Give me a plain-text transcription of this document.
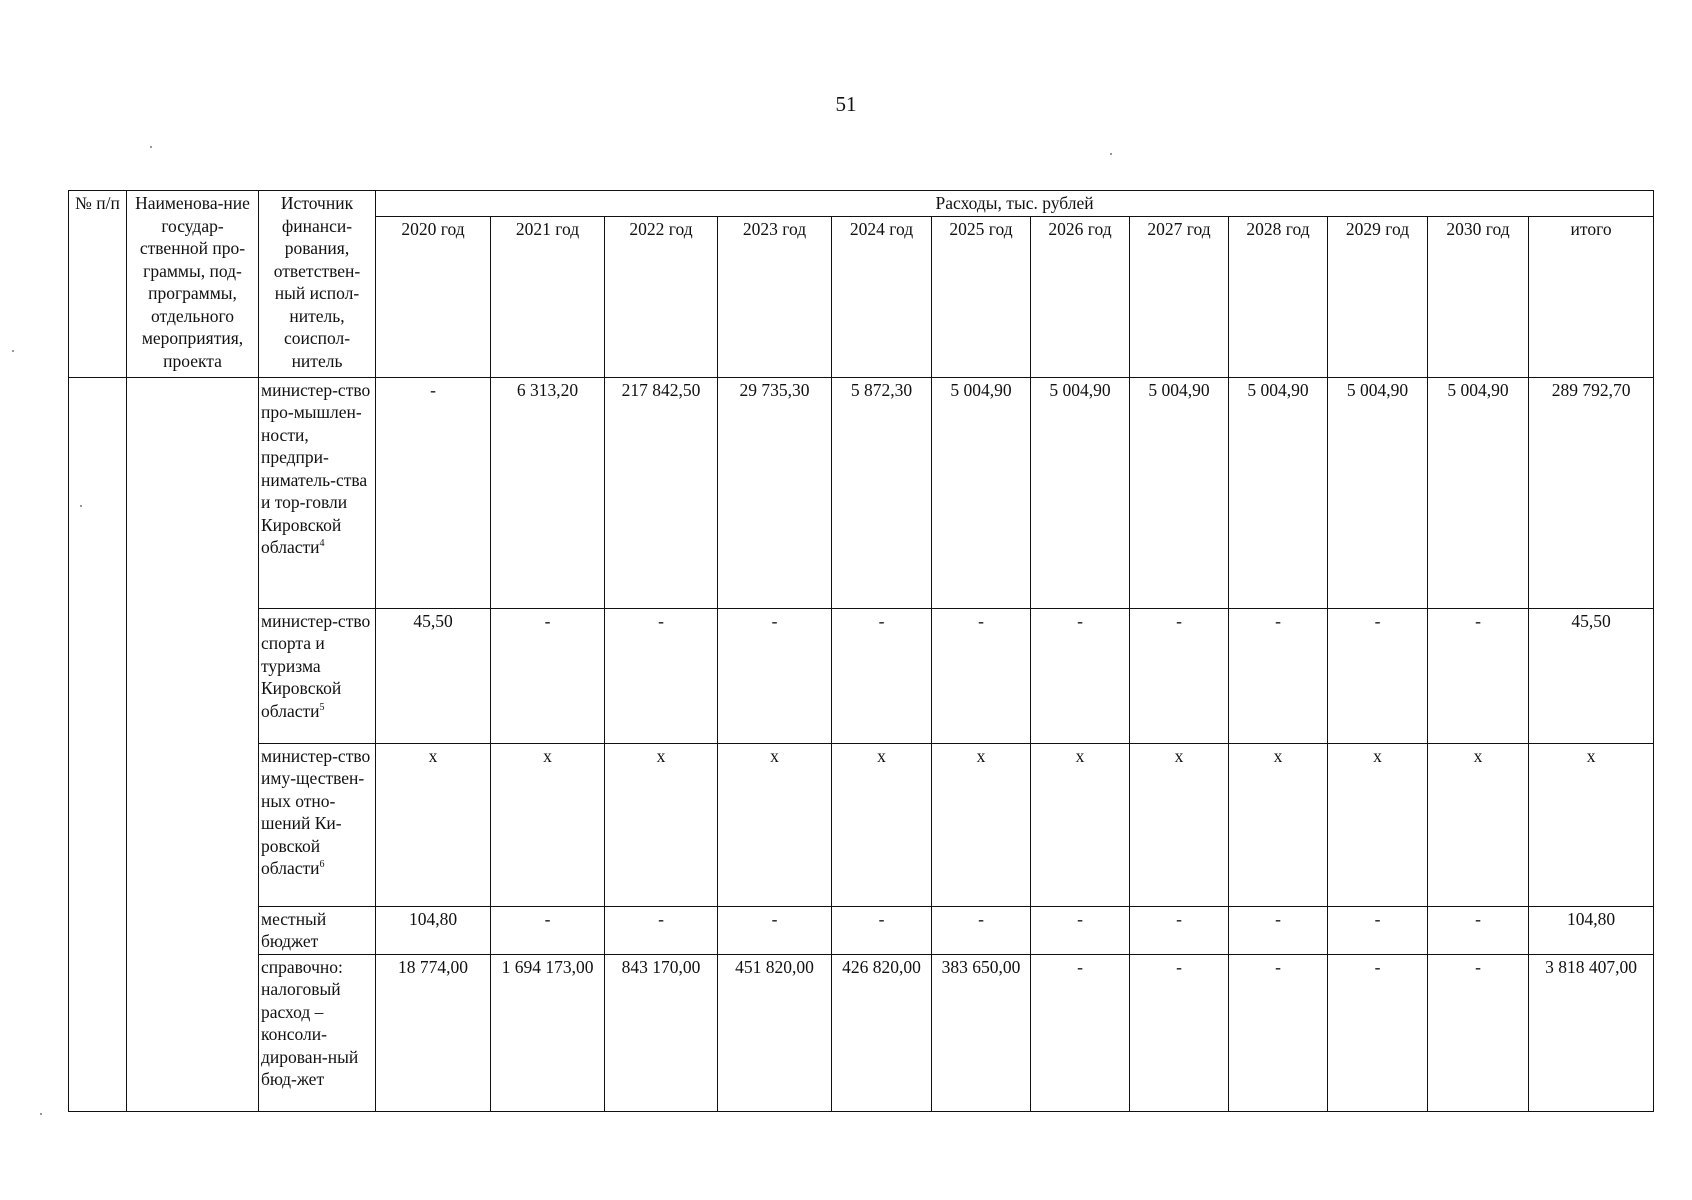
51
№ п/п	Наименова-ние государ-ственной про-граммы, под-программы, отдельного мероприятия, проекта	Источник финанси-рования, ответствен-ный испол-нитель, соиспол-нитель	Расходы, тыс. рублей											
			2020 год	2021 год	2022 год	2023 год	2024 год	2025 год	2026 год	2027 год	2028 год	2029 год	2030 год	итого
		министер-ство про-мышлен-ности, предпри-ниматель-ства и тор-говли Кировской области$^4$	-	6 313,20	217 842,50	29 735,30	5 872,30	5 004,90	5 004,90	5 004,90	5 004,90	5 004,90	5 004,90	289 792,70
		министер-ство спорта и туризма Кировской области$^5$	45,50	-	-	-	-	-	-	-	-	-	-	45,50
		министер-ство иму-ществен-ных отно-шений Ки-ровской области$^6$	x	x	x	x	x	x	x	x	x	x	x	x
		местный бюджет	104,80	-	-	-	-	-	-	-	-	-	-	104,80
		справочно: налоговый расход – консоли-дирован-ный бюд-жет	18 774,00	1 694 173,00	843 170,00	451 820,00	426 820,00	383 650,00	-	-	-	-	-	3 818 407,00
